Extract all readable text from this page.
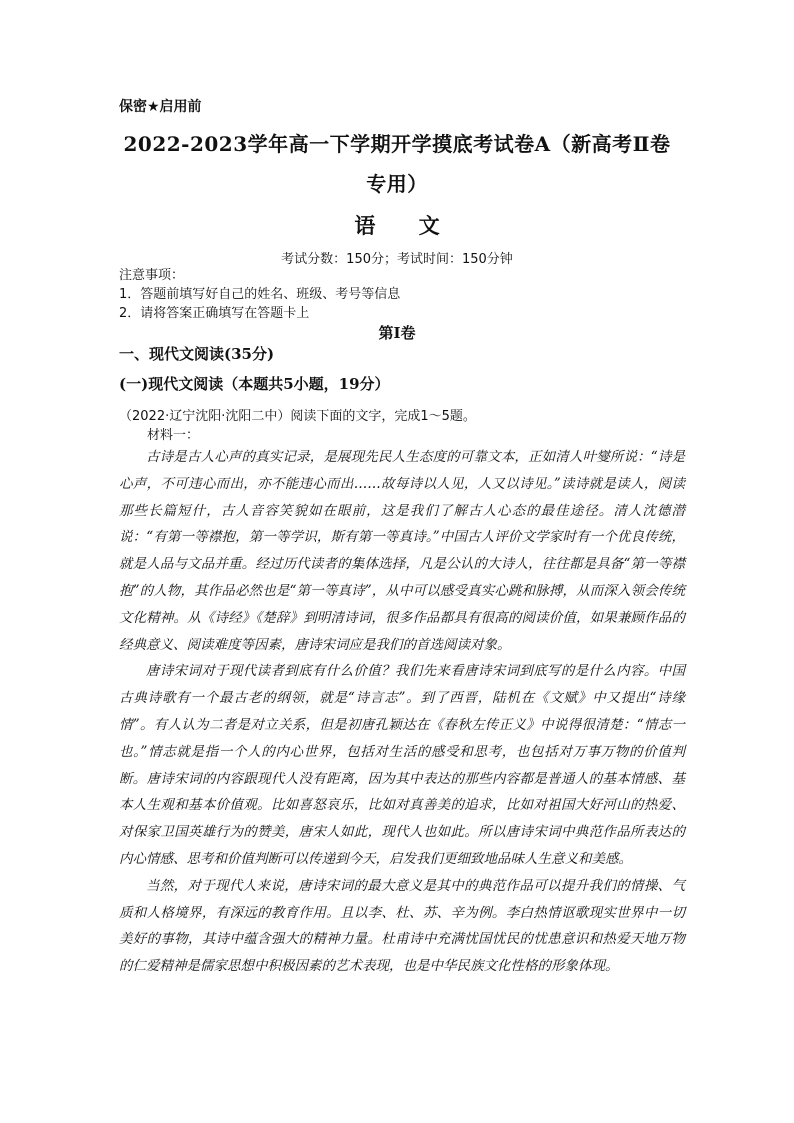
保密★启用前
2022-2023学年高一下学期开学摸底考试卷A（新高考Ⅱ卷
专用）
语 文
考试分数：150分；考试时间：150分钟
注意事项：
1．答题前填写好自己的姓名、班级、考号等信息
2．请将答案正确填写在答题卡上
第Ⅰ卷
一、现代文阅读(35分)
(一)现代文阅读（本题共5小题，19分）
（2022·辽宁沈阳·沈阳二中）阅读下面的文字，完成1～5题。
材料一：

古诗是古人心声的真实记录，是展现先民人生态度的可靠文本，正如清人叶燮所说：“诗是心声，不可违心而出，亦不能违心而出……故每诗以人见，人又以诗见。”读诗就是读人，阅读那些长篇短什，古人音容笑貌如在眼前，这是我们了解古人心态的最佳途径。清人沈德潜说：“有第一等襟抱，第一等学识，斯有第一等真诗。”中国古人评价文学家时有一个优良传统，就是人品与文品并重。经过历代读者的集体选择，凡是公认的大诗人，往往都是具备“第一等襟抱”的人物，其作品必然也是“第一等真诗”，从中可以感受真实心跳和脉搏，从而深入领会传统文化精神。从《诗经》《楚辞》到明清诗词，很多作品都具有很高的阅读价值，如果兼顾作品的经典意义、阅读难度等因素，唐诗宋词应是我们的首选阅读对象。

唐诗宋词对于现代读者到底有什么价值？我们先来看唐诗宋词到底写的是什么内容。中国古典诗歌有一个最古老的纲领，就是“诗言志”。到了西晋，陆机在《文赋》中又提出“诗缘情”。有人认为二者是对立关系，但是初唐孔颖达在《春秋左传正义》中说得很清楚：“情志一也。”情志就是指一个人的内心世界，包括对生活的感受和思考，也包括对万事万物的价值判断。唐诗宋词的内容跟现代人没有距离，因为其中表达的那些内容都是普通人的基本情感、基本人生观和基本价值观。比如喜怒哀乐，比如对真善美的追求，比如对祖国大好河山的热爱、对保家卫国英雄行为的赞美，唐宋人如此，现代人也如此。所以唐诗宋词中典范作品所表达的内心情感、思考和价值判断可以传递到今天，启发我们更细致地品味人生意义和美感。

当然，对于现代人来说，唐诗宋词的最大意义是其中的典范作品可以提升我们的情操、气质和人格境界，有深远的教育作用。且以李、杜、苏、辛为例。李白热情讴歌现实世界中一切美好的事物，其诗中蕴含强大的精神力量。杜甫诗中充满忧国忧民的忧患意识和热爱天地万物的仁爱精神是儒家思想中积极因素的艺术表现，也是中华民族文化性格的形象体现。
